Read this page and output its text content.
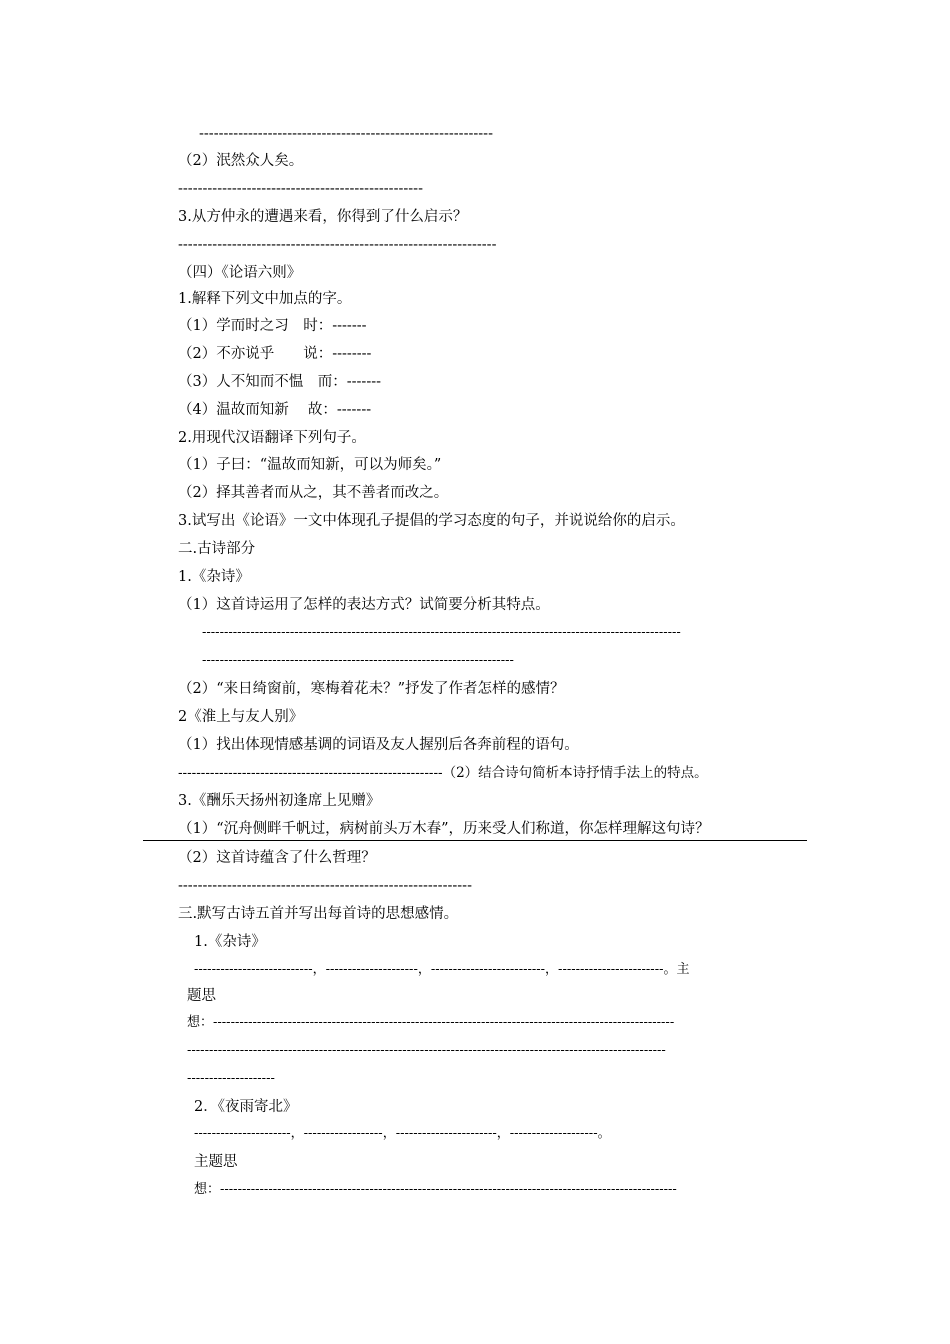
------------------------------------------------------------
（2）泯然众人矣。
--------------------------------------------------
3.从方仲永的遭遇来看，你得到了什么启示？
-----------------------------------------------------------------
（四）《论语六则》
1.解释下列文中加点的字。
（1）学而时之习　时：-------
（2）不亦说乎　　说：--------
（3）人不知而不愠　而：-------
（4）温故而知新　 故：-------
2.用现代汉语翻译下列句子。
（1）子曰：“温故而知新，可以为师矣。”
（2）择其善者而从之，其不善者而改之。
3.试写出《论语》一文中体现孔子提倡的学习态度的句子，并说说给你的启示。
二.古诗部分
1.《杂诗》
（1）这首诗运用了怎样的表达方式？试简要分析其特点。
-------------------------------------------------------------------------------------------------------------
-----------------------------------------------------------------------
（2）“来日绮窗前，寒梅着花未？”抒发了作者怎样的感情？
2《淮上与友人别》
（1）找出体现情感基调的词语及友人握别后各奔前程的语句。
----------------------------------------------------------（2）结合诗句简析本诗抒情手法上的特点。
3.《酬乐天扬州初逢席上见赠》
（1）“沉舟侧畔千帆过，病树前头万木春”，历来受人们称道，你怎样理解这句诗？
（2）这首诗蕴含了什么哲理？
------------------------------------------------------------
三.默写古诗五首并写出每首诗的思想感情。
1.《杂诗》
---------------------------，---------------------，--------------------------，------------------------。主
题思
想：---------------------------------------------------------------------------------------------------------
-------------------------------------------------------------------------------------------------------------
--------------------
2．《夜雨寄北》
----------------------，------------------，-----------------------，--------------------。
主题思
想：--------------------------------------------------------------------------------------------------------
